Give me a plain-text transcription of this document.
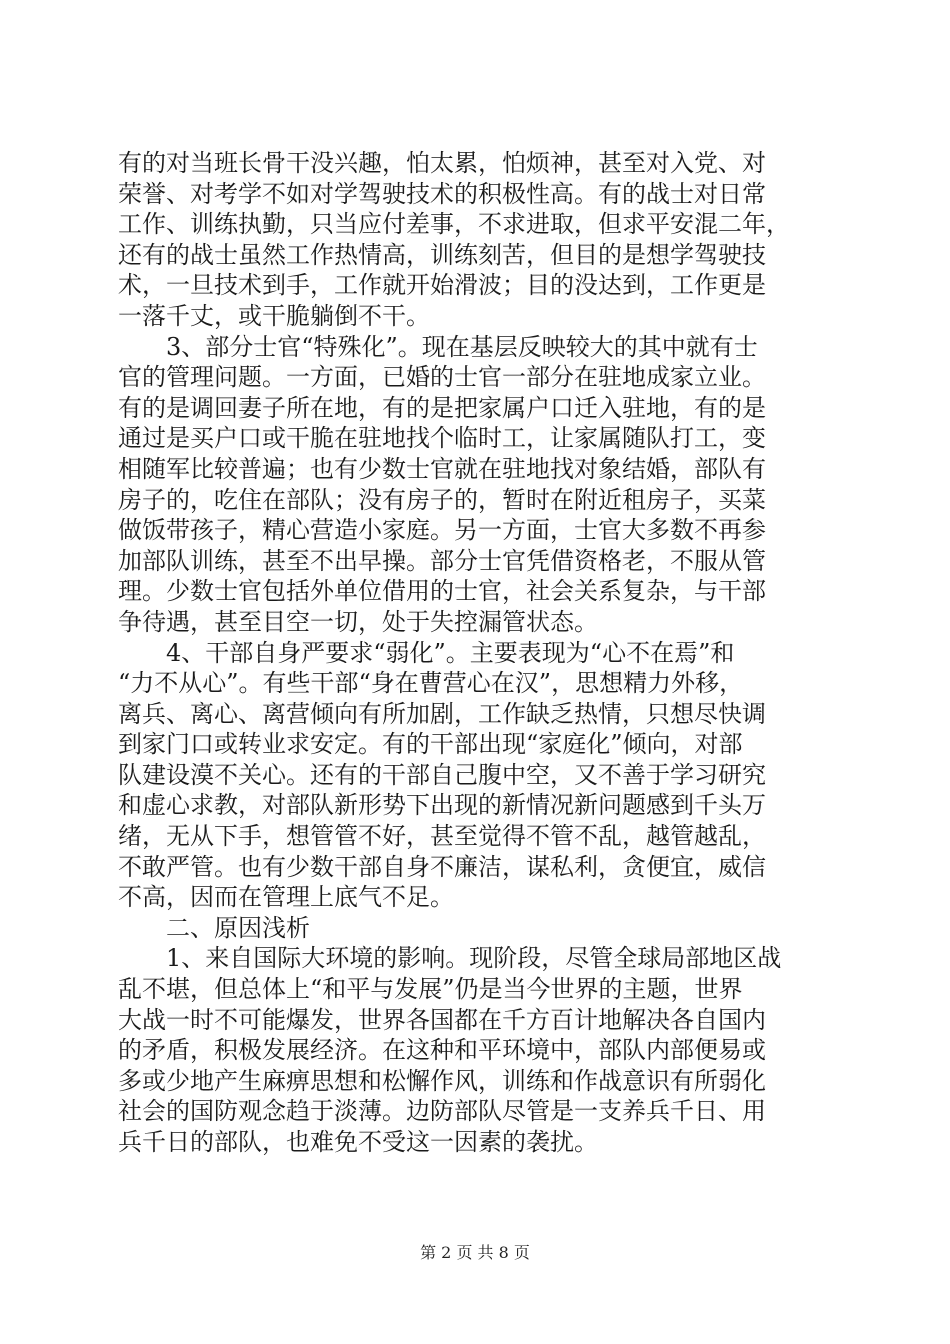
有的对当班长骨干没兴趣，怕太累，怕烦神，甚至对入党、对
荣誉、对考学不如对学驾驶技术的积极性高。有的战士对日常
工作、训练执勤，只当应付差事，不求进取，但求平安混二年，
还有的战士虽然工作热情高，训练刻苦，但目的是想学驾驶技
术，一旦技术到手，工作就开始滑波；目的没达到，工作更是
一落千丈，或干脆躺倒不干。
3、部分士官“特殊化”。现在基层反映较大的其中就有士
官的管理问题。一方面，已婚的士官一部分在驻地成家立业。
有的是调回妻子所在地，有的是把家属户口迁入驻地，有的是
通过是买户口或干脆在驻地找个临时工，让家属随队打工，变
相随军比较普遍；也有少数士官就在驻地找对象结婚，部队有
房子的，吃住在部队；没有房子的，暂时在附近租房子，买菜
做饭带孩子，精心营造小家庭。另一方面，士官大多数不再参
加部队训练，甚至不出早操。部分士官凭借资格老，不服从管
理。少数士官包括外单位借用的士官，社会关系复杂，与干部
争待遇，甚至目空一切，处于失控漏管状态。
4、干部自身严要求“弱化”。主要表现为“心不在焉”和
“力不从心”。有些干部“身在曹营心在汉”，思想精力外移，
离兵、离心、离营倾向有所加剧，工作缺乏热情，只想尽快调
到家门口或转业求安定。有的干部出现“家庭化”倾向，对部
队建设漠不关心。还有的干部自己腹中空，又不善于学习研究
和虚心求教，对部队新形势下出现的新情况新问题感到千头万
绪，无从下手，想管管不好，甚至觉得不管不乱，越管越乱，
不敢严管。也有少数干部自身不廉洁，谋私利，贪便宜，威信
不高，因而在管理上底气不足。
二、原因浅析
1、来自国际大环境的影响。现阶段，尽管全球局部地区战
乱不堪，但总体上“和平与发展”仍是当今世界的主题，世界
大战一时不可能爆发，世界各国都在千方百计地解决各自国内
的矛盾，积极发展经济。在这种和平环境中，部队内部便易或
多或少地产生麻痹思想和松懈作风，训练和作战意识有所弱化
社会的国防观念趋于淡薄。边防部队尽管是一支养兵千日、用
兵千日的部队，也难免不受这一因素的袭扰。
第 2 页 共 8 页
